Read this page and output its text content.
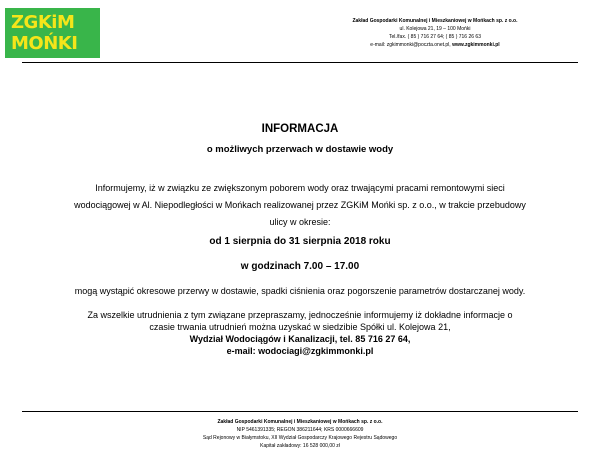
ZGKiM
MOŃKI
Zakład Gospodarki Komunalnej i Mieszkaniowej w Mońkach sp. z o.o.
ul. Kolejowa 21, 19 – 100 Mońki
Tel./fax. ( 85 ) 716 27 64; ( 85 ) 716 26 63
e-mail: zgkimmonki@poczta.onet.pl, www.zgkimmonki.pl
INFORMACJA
o możliwych przerwach w dostawie wody
Informujemy, iż w związku ze zwiększonym poborem wody oraz trwającymi pracami remontowymi sieci
wodociągowej w Al. Niepodległości w Mońkach realizowanej przez ZGKiM Mońki sp. z o.o., w trakcie przebudowy
ulicy w okresie:
od 1 sierpnia do 31 sierpnia 2018 roku
w godzinach 7.00 – 17.00
mogą wystąpić okresowe przerwy w dostawie, spadki ciśnienia oraz pogorszenie parametrów dostarczanej wody.
Za wszelkie utrudnienia z tym związane przepraszamy, jednocześnie informujemy iż dokładne informacje o
czasie trwania utrudnień można uzyskać w siedzibie Spółki ul. Kolejowa 21,
Wydział Wodociągów i Kanalizacji, tel. 85 716 27 64,
e-mail: wodociagi@zgkimmonki.pl
Zakład Gospodarki Komunalnej i Mieszkaniowej w Mońkach sp. z o.o.
NIP 5461391335; REGON 386211644; KRS 0000666609
Sąd Rejonowy w Białymstoku, XII Wydział Gospodarczy Krajowego Rejestru Sądowego
Kapitał zakładowy: 16 528 000,00 zł
